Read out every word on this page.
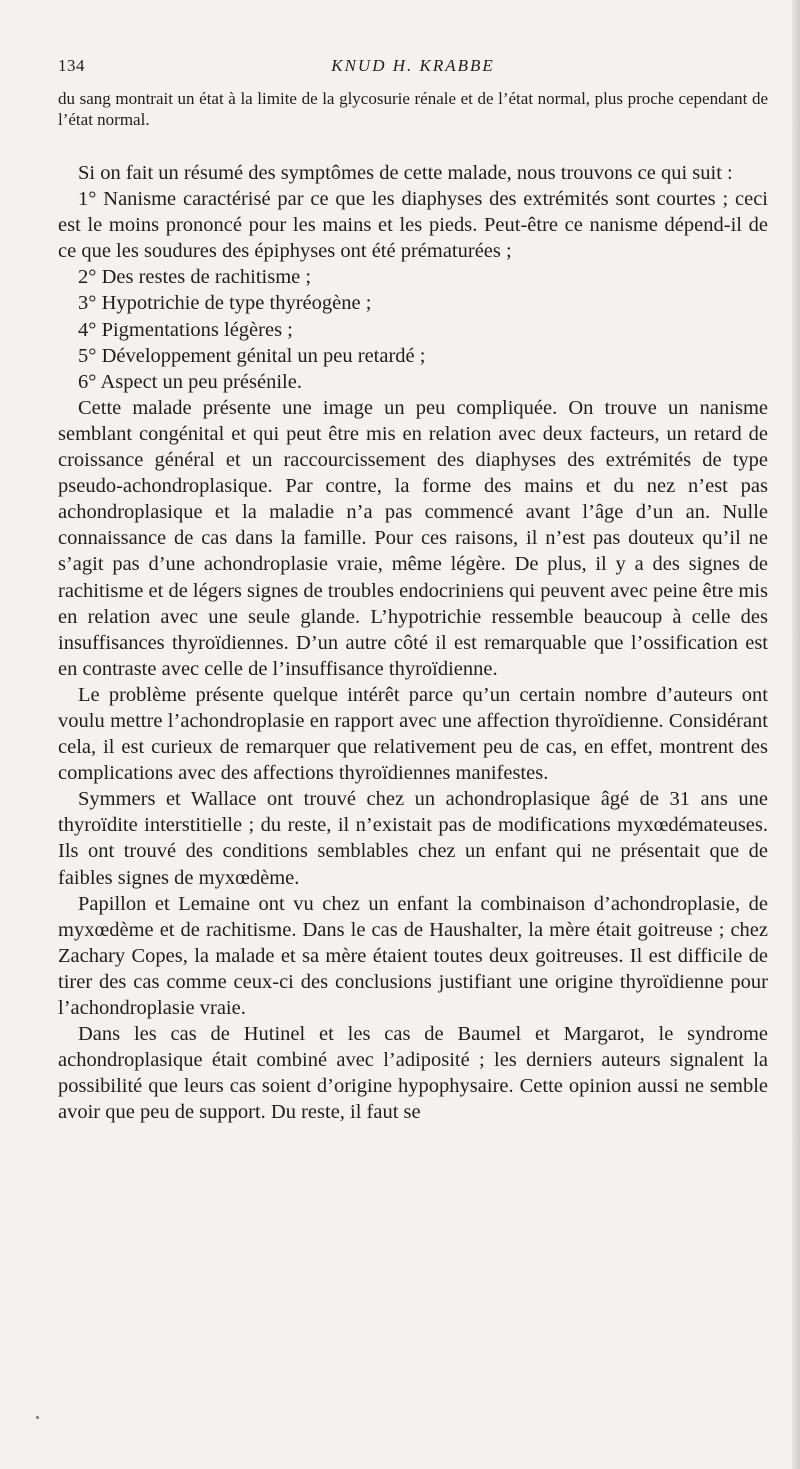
134	KNUD H. KRABBE

du sang montrait un état à la limite de la glycosurie rénale et de l’état normal, plus proche cependant de l’état normal.

Si on fait un résumé des symptômes de cette malade, nous trouvons ce qui suit :

1° Nanisme caractérisé par ce que les diaphyses des extrémités sont courtes ; ceci est le moins prononcé pour les mains et les pieds. Peut-être ce nanisme dépend-il de ce que les soudures des épiphyses ont été prématurées ;

2° Des restes de rachitisme ;

3° Hypotrichie de type thyréogène ;

4° Pigmentations légères ;

5° Développement génital un peu retardé ;

6° Aspect un peu présénile.

Cette malade présente une image un peu compliquée. On trouve un nanisme semblant congénital et qui peut être mis en relation avec deux facteurs, un retard de croissance général et un raccourcissement des diaphyses des extrémités de type pseudo-achondroplasique. Par contre, la forme des mains et du nez n’est pas achondroplasique et la maladie n’a pas commencé avant l’âge d’un an. Nulle connaissance de cas dans la famille. Pour ces raisons, il n’est pas douteux qu’il ne s’agit pas d’une achondroplasie vraie, même légère. De plus, il y a des signes de rachitisme et de légers signes de troubles endocriniens qui peuvent avec peine être mis en relation avec une seule glande. L’hypotrichie ressemble beaucoup à celle des insuffisances thyroïdiennes. D’un autre côté il est remarquable que l’ossification est en contraste avec celle de l’insuffisance thyroïdienne.

Le problème présente quelque intérêt parce qu’un certain nombre d’auteurs ont voulu mettre l’achondroplasie en rapport avec une affection thyroïdienne. Considérant cela, il est curieux de remarquer que relativement peu de cas, en effet, montrent des complications avec des affections thyroïdiennes manifestes.

Symmers et Wallace ont trouvé chez un achondroplasique âgé de 31 ans une thyroïdite interstitielle ; du reste, il n’existait pas de modifications myxœdémateuses. Ils ont trouvé des conditions semblables chez un enfant qui ne présentait que de faibles signes de myxœdème.

Papillon et Lemaine ont vu chez un enfant la combinaison d’achondroplasie, de myxœdème et de rachitisme. Dans le cas de Haushalter, la mère était goitreuse ; chez Zachary Copes, la malade et sa mère étaient toutes deux goitreuses. Il est difficile de tirer des cas comme ceux-ci des conclusions justifiant une origine thyroïdienne pour l’achondroplasie vraie.

Dans les cas de Hutinel et les cas de Baumel et Margarot, le syndrome achondroplasique était combiné avec l’adiposité ; les derniers auteurs signalent la possibilité que leurs cas soient d’origine hypophysaire. Cette opinion aussi ne semble avoir que peu de support. Du reste, il faut se
